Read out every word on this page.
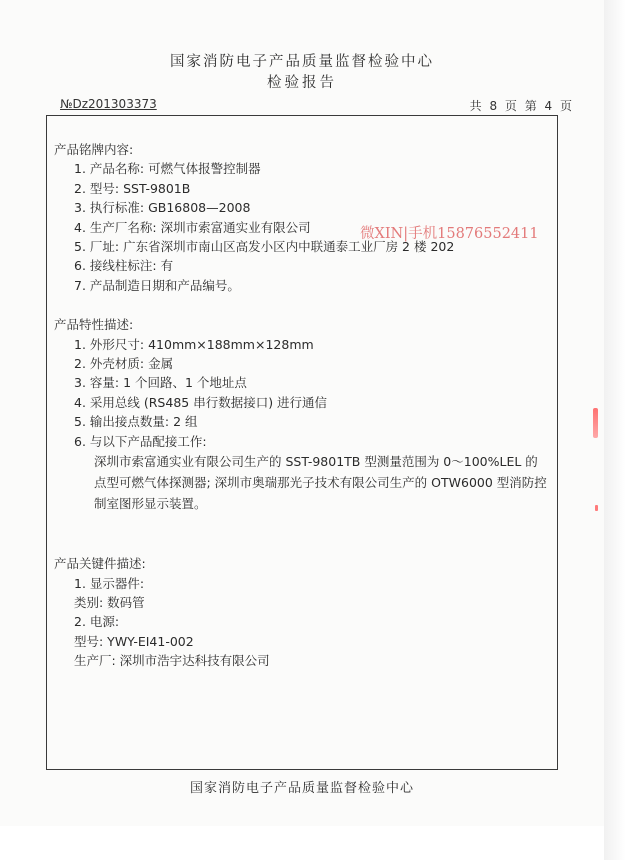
国家消防电子产品质量监督检验中心
检验报告
№Dz201303373	共 8 页 第 4 页
产品铭牌内容:
1. 产品名称: 可燃气体报警控制器
2. 型号: SST-9801B
3. 执行标准: GB16808—2008
4. 生产厂名称: 深圳市索富通实业有限公司
5. 厂址: 广东省深圳市南山区高发小区内中联通泰工业厂房 2 楼 202
6. 接线柱标注: 有
7. 产品制造日期和产品编号。
产品特性描述:
1. 外形尺寸: 410mm×188mm×128mm
2. 外壳材质: 金属
3. 容量: 1 个回路、1 个地址点
4. 采用总线 (RS485 串行数据接口) 进行通信
5. 输出接点数量: 2 组
6. 与以下产品配接工作:
深圳市索富通实业有限公司生产的 SST-9801TB 型测量范围为 0～100%LEL 的点型可燃气体探测器; 深圳市奥瑞那光子技术有限公司生产的 OTW6000 型消防控制室图形显示装置。
产品关键件描述:
1. 显示器件:
类别: 数码管
2. 电源:
型号: YWY-EI41-002
生产厂: 深圳市浩宇达科技有限公司
微XIN|手机15876552411
国家消防电子产品质量监督检验中心
